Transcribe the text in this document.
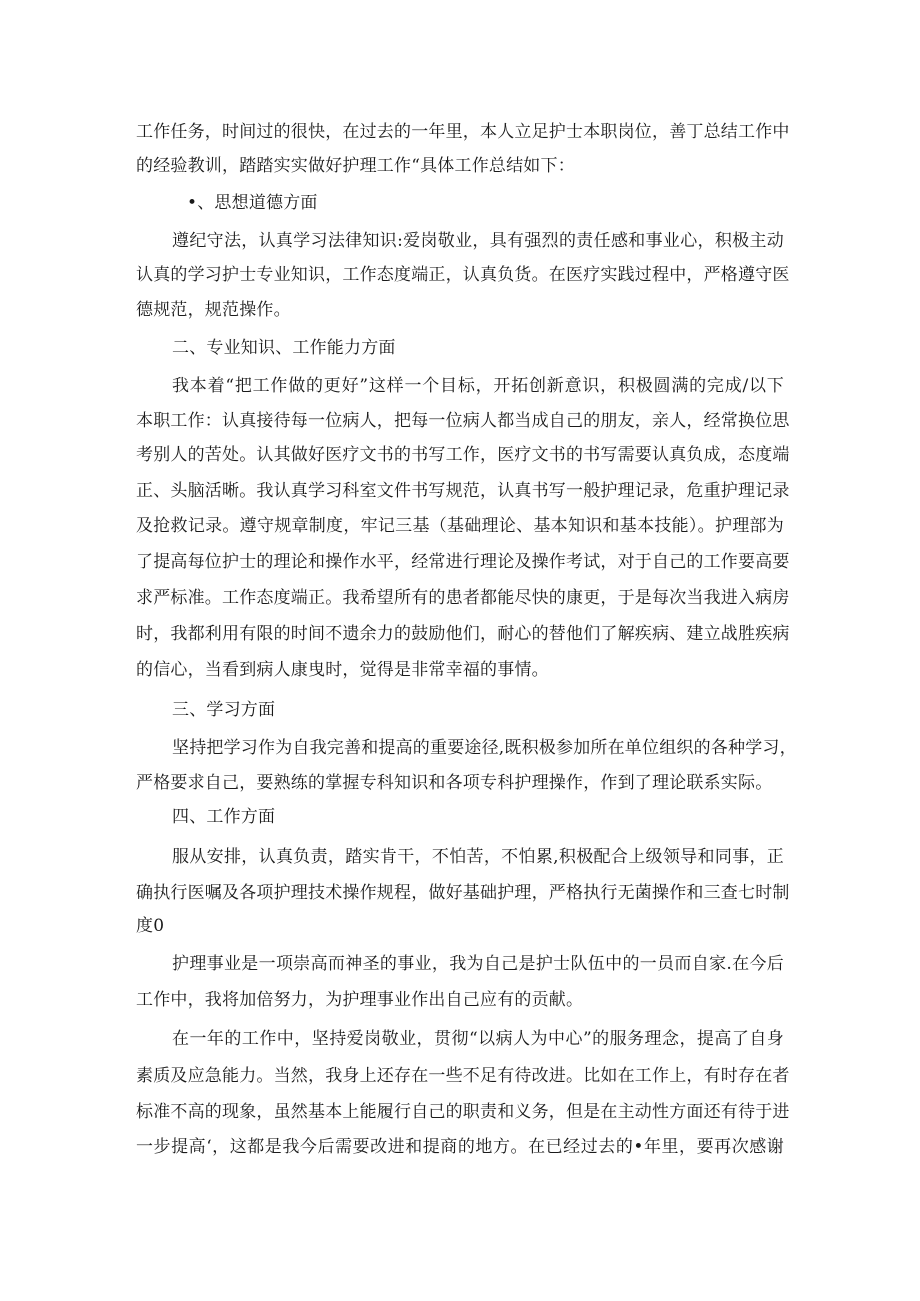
工作任务，时间过的很快，在过去的一年里，本人立足护士本职岗位，善丁总结工作中
的经验教训，踏踏实实做好护理工作“具体工作总结如下：
•、思想道德方面
遵纪守法，认真学习法律知识:爱岗敬业，具有强烈的责任感和事业心，积极主动
认真的学习护士专业知识，工作态度端正，认真负货。在医疗实践过程中，严格遵守医
德规范，规范操作。
二、专业知识、工作能力方面
我本着“把工作做的更好”这样一个目标，开拓创新意识，积极圆满的完成/以下
本职工作：认真接待每一位病人，把每一位病人都当成自己的朋友，亲人，经常换位思
考别人的苦处。认其做好医疗文书的书写工作，医疗文书的书写需要认真负成，态度端
正、头脑活晰。我认真学习科室文件书写规范，认真书写一般护理记录，危重护理记录
及抢救记录。遵守规章制度，牢记三基（基础理论、基本知识和基本技能）。护理部为
了提高每位护士的理论和操作水平，经常进行理论及操作考试，对于自己的工作要高要
求严标准。工作态度端正。我希望所有的患者都能尽快的康更，于是每次当我进入病房
时，我都利用有限的时间不遗余力的鼓励他们，耐心的替他们了解疾病、建立战胜疾病
的信心，当看到病人康曳时，觉得是非常幸福的事情。
三、学习方面
坚持把学习作为自我完善和提高的重要途径,既积极参加所在单位组织的各种学习，
严格要求自己，要熟练的掌握专科知识和各项专科护理操作，作到了理论联系实际。
四、工作方面
服从安排，认真负责，踏实肯干，不怕苦，不怕累,积极配合上级领导和同事，正
确执行医嘱及各项护理技术操作规程，做好基础护理，严格执行无菌操作和三查七时制
度0
护理事业是一项崇高而神圣的事业，我为自己是护士队伍中的一员而自家.在今后
工作中，我将加倍努力，为护理事业作出自己应有的贡献。
在一年的工作中，坚持爱岗敬业，贯彻“以病人为中心”的服务理念，提高了自身
素质及应急能力。当然，我身上还存在一些不足有待改进。比如在工作上，有时存在者
标准不高的现象，虽然基本上能履行自己的职责和义务，但是在主动性方面还有待于进
一步提高‘，这都是我今后需要改进和提商的地方。在已经过去的•年里，要再次感谢
